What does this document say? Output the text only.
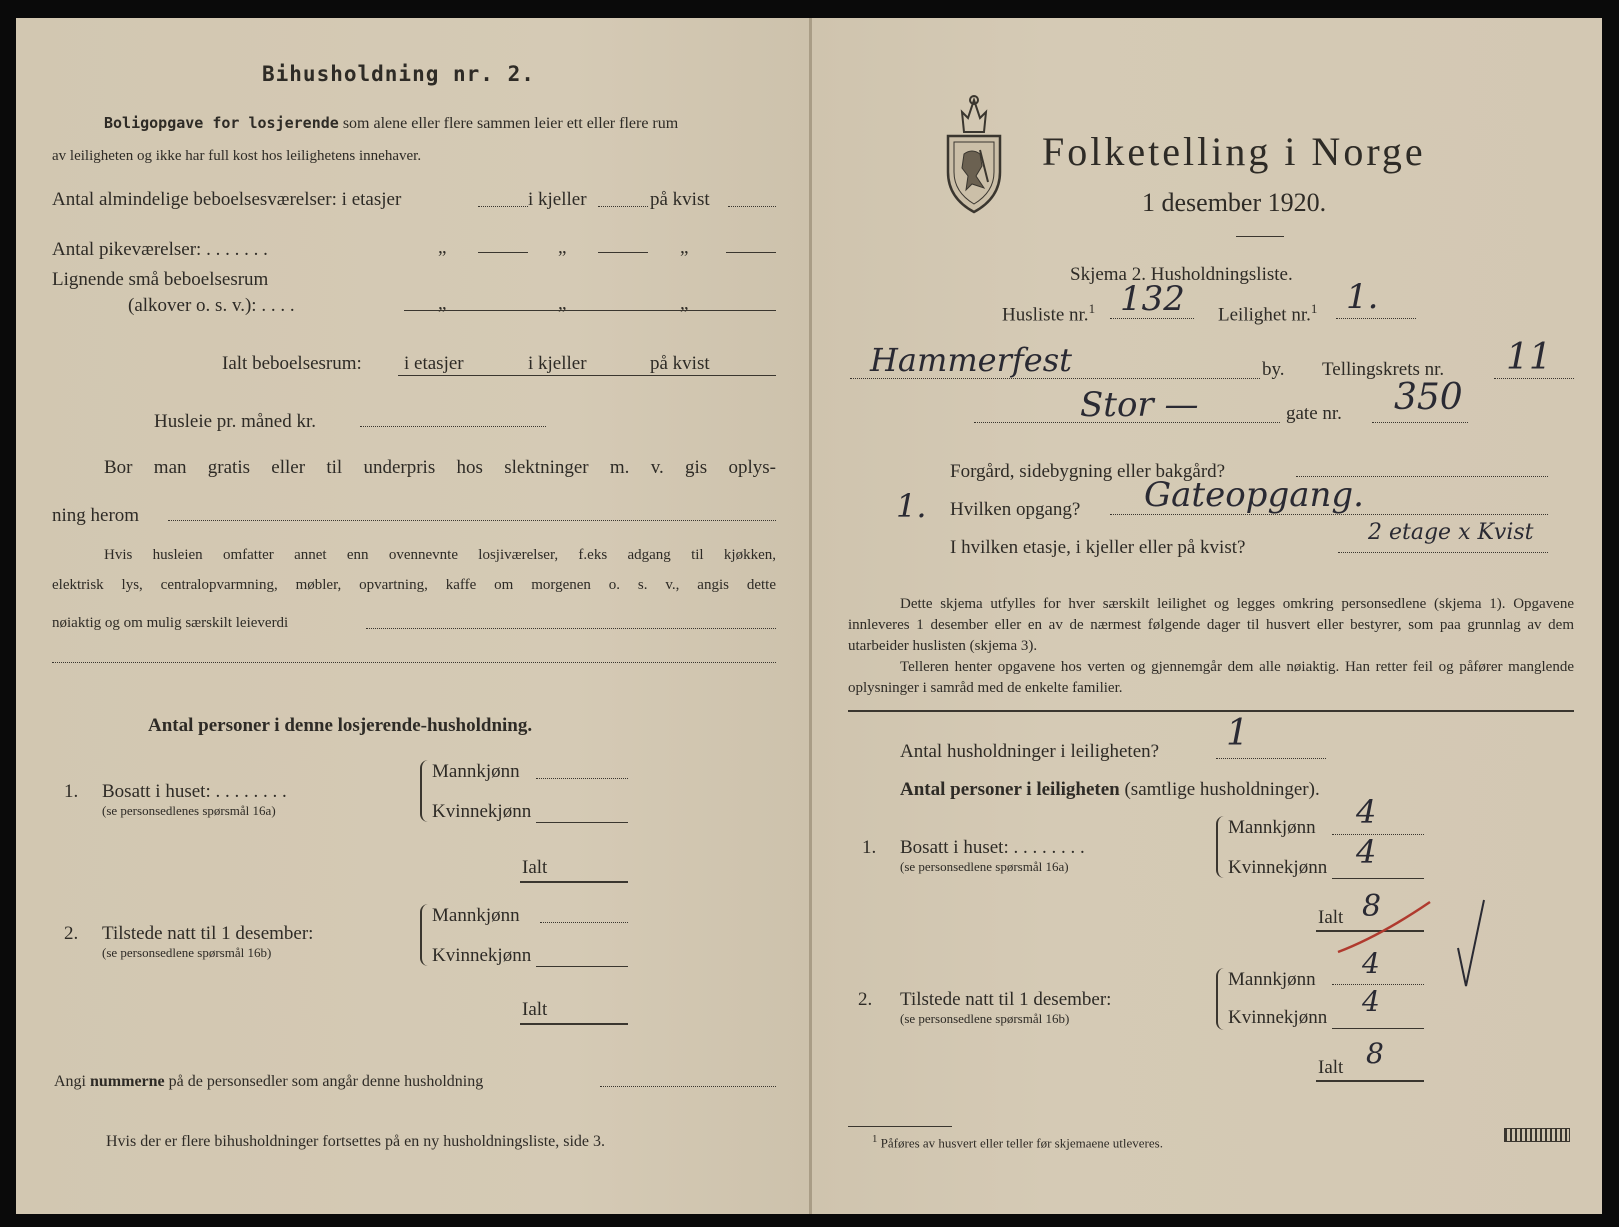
Bihusholdning nr. 2.
Boligopgave for losjerende som alene eller flere sammen leier ett eller flere rum
av leiligheten og ikke har full kost hos leilighetens innehaver.
Antal almindelige beboelsesværelser: i etasjer	i kjeller	på kvist
Antal pikeværelser: . . . . . . .	„	„	„
Lignende små beboelsesrum
(alkover o. s. v.): . . . .	„	„	„
Ialt beboelsesrum: i etasjer	i kjeller	på kvist
Husleie pr. måned kr.
Bor man gratis eller til underpris hos slektninger m. v. gis oplys-
ning herom
Hvis husleien omfatter annet enn ovennevnte losjiværelser, f.eks adgang til kjøkken,
elektrisk lys, centralopvarmning, møbler, opvartning, kaffe om morgenen o. s. v., angis dette
nøiaktig og om mulig særskilt leieverdi
Antal personer i denne losjerende-husholdning.
1. Bosatt i huset: . . . . . . . .
(se personsedlenes spørsmål 16a)
Mannkjønn
Kvinnekjønn
Ialt
2. Tilstede natt til 1 desember:
(se personsedlene spørsmål 16b)
Mannkjønn
Kvinnekjønn
Ialt
Angi nummerne på de personsedler som angår denne husholdning
Hvis der er flere bihusholdninger fortsettes på en ny husholdningsliste, side 3.
Folketelling i Norge
1 desember 1920.
Skjema 2. Husholdningsliste.
Husliste nr.$^1$ 132 Leilighet nr.$^1$ 1.
Hammerfest	by. Tellingskrets nr. 11
Stor —	gate nr. 350
Forgård, sidebygning eller bakgård?
1. Hvilken opgang? Gateopgang.
I hvilken etasje, i kjeller eller på kvist?
2 etage x Kvist
Dette skjema utfylles for hver særskilt leilighet og legges omkring personsedlene (skjema 1). Opgavene innleveres 1 desember eller en av de nærmest følgende dager til husvert eller bestyrer, som paa grunnlag av dem utarbeider huslisten (skjema 3).
Telleren henter opgavene hos verten og gjennemgår dem alle nøiaktig. Han retter feil og påfører manglende oplysninger i samråd med de enkelte familier.
Antal husholdninger i leiligheten? 1
Antal personer i leiligheten (samtlige husholdninger).
1. Bosatt i huset: . . . . . . . .
(se personsedlene spørsmål 16a)
Mannkjønn 4
Kvinnekjønn 4
Ialt 8
2. Tilstede natt til 1 desember:
(se personsedlene spørsmål 16b)
Mannkjønn 4
Kvinnekjønn 4
Ialt 8
$^1$ Påføres av husvert eller teller før skjemaene utleveres.
